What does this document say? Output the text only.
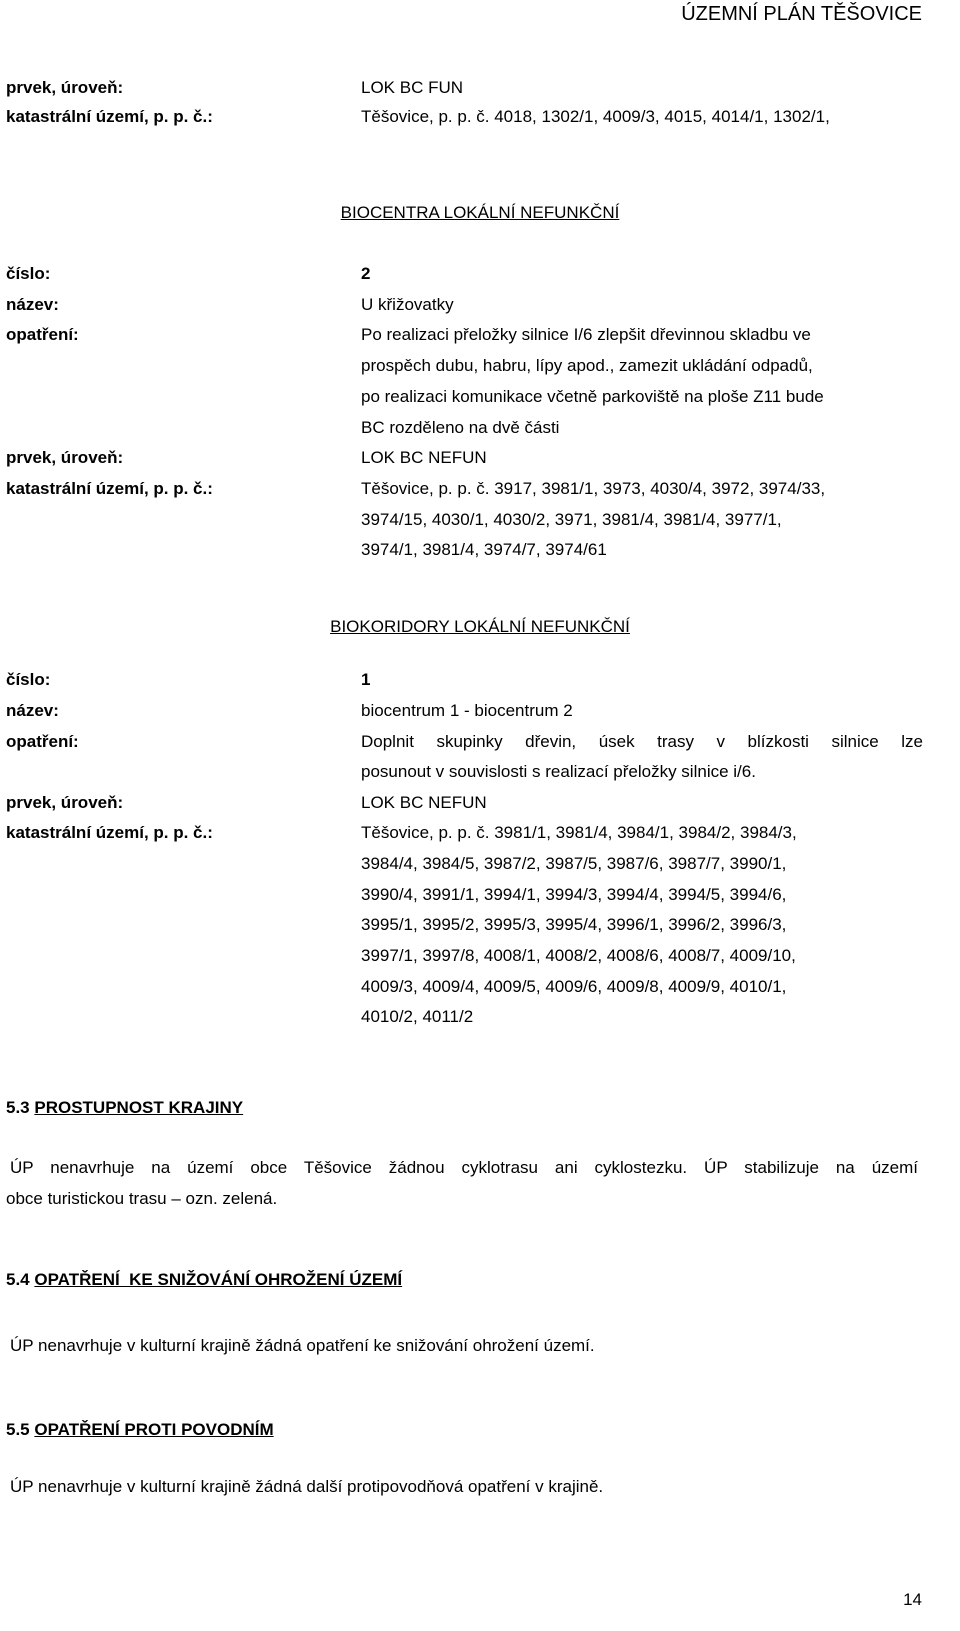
ÚZEMNÍ PLÁN TĚŠOVICE
prvek, úroveň:	LOK BC FUN
katastrální území, p. p. č.:	Těšovice, p. p. č. 4018, 1302/1, 4009/3, 4015, 4014/1, 1302/1,
BIOCENTRA LOKÁLNÍ NEFUNKČNÍ
číslo:	2
název:	U křižovatky
opatření:	Po realizaci přeložky silnice I/6 zlepšit dřevinnou skladbu ve
prospěch dubu, habru, lípy apod., zamezit ukládání odpadů,
po realizaci komunikace včetně parkoviště na ploše Z11 bude
BC rozděleno na dvě části
prvek, úroveň:	LOK BC NEFUN
katastrální území, p. p. č.:	Těšovice, p. p. č. 3917, 3981/1, 3973, 4030/4, 3972, 3974/33,
3974/15, 4030/1, 4030/2, 3971, 3981/4, 3981/4, 3977/1,
3974/1, 3981/4, 3974/7, 3974/61
BIOKORIDORY LOKÁLNÍ NEFUNKČNÍ
číslo:	1
název:	biocentrum 1 - biocentrum 2
opatření:	Doplnit skupinky dřevin, úsek trasy v blízkosti silnice lze
posunout v souvislosti s realizací přeložky silnice i/6.
prvek, úroveň:	LOK BC NEFUN
katastrální území, p. p. č.:	Těšovice, p. p. č. 3981/1, 3981/4, 3984/1, 3984/2, 3984/3,
3984/4, 3984/5, 3987/2, 3987/5, 3987/6, 3987/7, 3990/1,
3990/4, 3991/1, 3994/1, 3994/3, 3994/4, 3994/5, 3994/6,
3995/1, 3995/2, 3995/3, 3995/4, 3996/1, 3996/2, 3996/3,
3997/1, 3997/8, 4008/1, 4008/2, 4008/6, 4008/7, 4009/10,
4009/3, 4009/4, 4009/5, 4009/6, 4009/8, 4009/9, 4010/1,
4010/2, 4011/2
5.3 PROSTUPNOST KRAJINY
ÚP nenavrhuje na území obce Těšovice žádnou cyklotrasu ani cyklostezku. ÚP stabilizuje na území
obce turistickou trasu – ozn. zelená.
5.4 OPATŘENÍ  KE SNIŽOVÁNÍ OHROŽENÍ ÚZEMÍ
ÚP nenavrhuje v kulturní krajině žádná opatření ke snižování ohrožení území.
5.5 OPATŘENÍ PROTI POVODNÍM
ÚP nenavrhuje v kulturní krajině žádná další protipovodňová opatření v krajině.
14
